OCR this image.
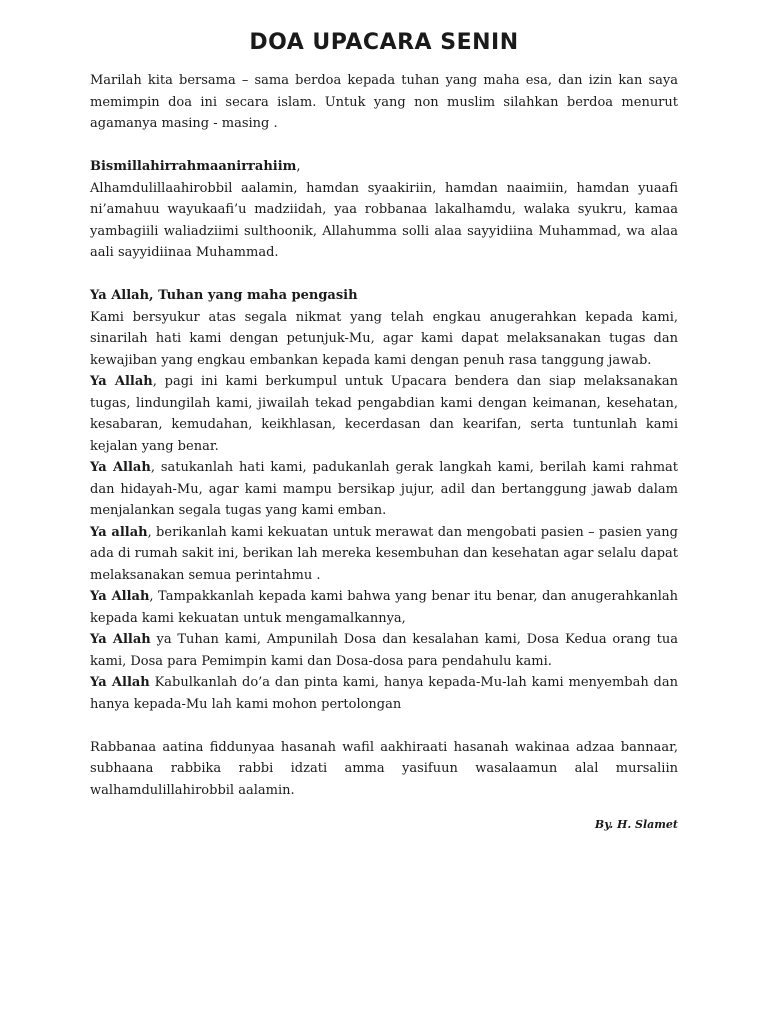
DOA UPACARA SENIN

Marilah kita bersama – sama berdoa kepada tuhan yang maha esa, dan izin kan saya memimpin doa ini secara islam. Untuk yang non muslim silahkan berdoa menurut agamanya masing - masing .

Bismillahirrahmaanirrahiim,

Alhamdulillaahirobbil aalamin, hamdan syaakiriin, hamdan naaimiin, hamdan yuaafi ni’amahuu wayukaafi’u madziidah, yaa robbanaa lakalhamdu, walaka syukru, kamaa yambagiili waliadziimi sulthoonik, Allahumma solli alaa sayyidiina Muhammad, wa alaa aali sayyidiinaa Muhammad.

Ya Allah, Tuhan yang maha pengasih

Kami bersyukur atas segala nikmat yang telah engkau anugerahkan kepada kami, sinarilah hati kami dengan petunjuk-Mu, agar kami dapat melaksanakan tugas dan kewajiban yang engkau embankan kepada kami dengan penuh rasa tanggung jawab.

Ya Allah, pagi ini kami berkumpul untuk Upacara bendera dan siap melaksanakan tugas, lindungilah kami, jiwailah tekad pengabdian kami dengan keimanan, kesehatan, kesabaran, kemudahan, keikhlasan, kecerdasan dan kearifan, serta tuntunlah kami kejalan yang benar.

Ya Allah, satukanlah hati kami, padukanlah gerak langkah kami, berilah kami rahmat dan hidayah-Mu, agar kami mampu bersikap jujur, adil dan bertanggung jawab dalam menjalankan segala tugas yang kami emban.

Ya allah, berikanlah kami kekuatan untuk merawat dan mengobati pasien – pasien yang ada di rumah sakit ini, berikan lah mereka kesembuhan dan kesehatan agar selalu dapat melaksanakan semua perintahmu .

Ya Allah, Tampakkanlah kepada kami bahwa yang benar itu benar, dan anugerahkanlah kepada kami kekuatan untuk mengamalkannya,

Ya Allah ya Tuhan kami, Ampunilah Dosa dan kesalahan kami, Dosa Kedua orang tua kami, Dosa para Pemimpin kami dan Dosa-dosa para pendahulu kami.

Ya Allah Kabulkanlah do’a dan pinta kami, hanya kepada-Mu-lah kami menyembah dan hanya kepada-Mu lah kami mohon pertolongan

Rabbanaa aatina fiddunyaa hasanah wafil aakhiraati hasanah wakinaa adzaa bannaar, subhaana rabbika rabbi idzati amma yasifuun wasalaamun alal mursaliin walhamdulillahirobbil aalamin.

By. H. Slamet
